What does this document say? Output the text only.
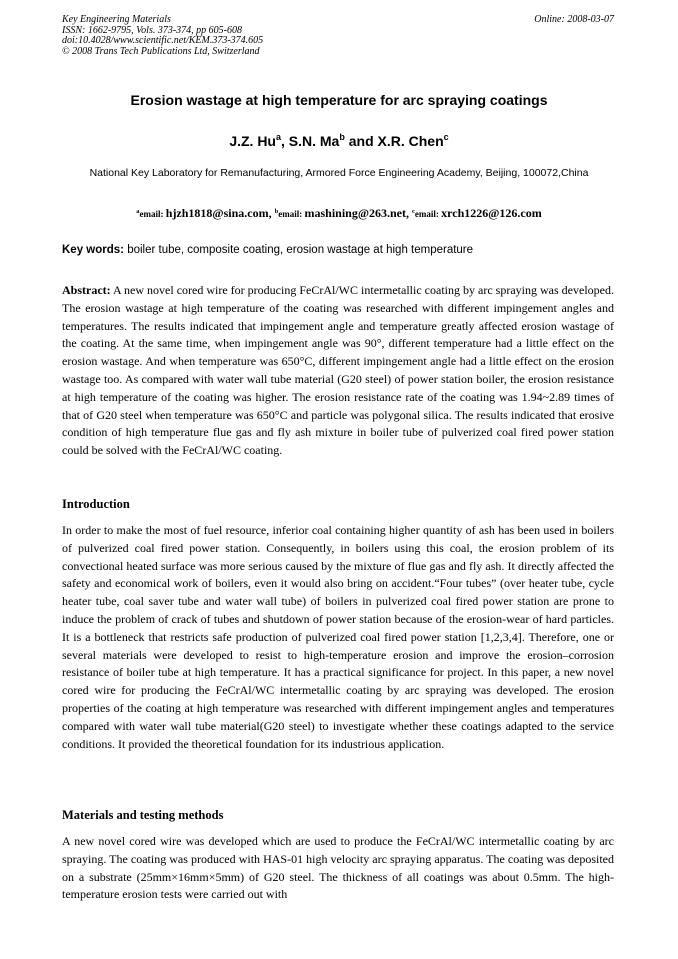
Key Engineering Materials
ISSN: 1662-9795, Vols. 373-374, pp 605-608
doi:10.4028/www.scientific.net/KEM.373-374.605
© 2008 Trans Tech Publications Ltd, Switzerland
Online: 2008-03-07
Erosion wastage at high temperature for arc spraying coatings
J.Z. Hu$^a$, S.N. Ma$^b$ and X.R. Chen$^c$
National Key Laboratory for Remanufacturing, Armored Force Engineering Academy, Beijing, 100072,China
$^a$email: hjzh1818@sina.com, $^b$email: mashining@263.net, $^c$email: xrch1226@126.com
Key words: boiler tube, composite coating, erosion wastage at high temperature
Abstract: A new novel cored wire for producing FeCrAl/WC intermetallic coating by arc spraying was developed. The erosion wastage at high temperature of the coating was researched with different impingement angles and temperatures. The results indicated that impingement angle and temperature greatly affected erosion wastage of the coating. At the same time, when impingement angle was 90°, different temperature had a little effect on the erosion wastage. And when temperature was 650°C, different impingement angle had a little effect on the erosion wastage too. As compared with water wall tube material (G20 steel) of power station boiler, the erosion resistance at high temperature of the coating was higher. The erosion resistance rate of the coating was 1.94~2.89 times of that of G20 steel when temperature was 650°C and particle was polygonal silica. The results indicated that erosive condition of high temperature flue gas and fly ash mixture in boiler tube of pulverized coal fired power station could be solved with the FeCrAl/WC coating.
Introduction
In order to make the most of fuel resource, inferior coal containing higher quantity of ash has been used in boilers of pulverized coal fired power station. Consequently, in boilers using this coal, the erosion problem of its convectional heated surface was more serious caused by the mixture of flue gas and fly ash. It directly affected the safety and economical work of boilers, even it would also bring on accident.“Four tubes” (over heater tube, cycle heater tube, coal saver tube and water wall tube) of boilers in pulverized coal fired power station are prone to induce the problem of crack of tubes and shutdown of power station because of the erosion-wear of hard particles. It is a bottleneck that restricts safe production of pulverized coal fired power station [1,2,3,4]. Therefore, one or several materials were developed to resist to high-temperature erosion and improve the erosion–corrosion resistance of boiler tube at high temperature. It has a practical significance for project. In this paper, a new novel cored wire for producing the FeCrAl/WC intermetallic coating by arc spraying was developed. The erosion properties of the coating at high temperature was researched with different impingement angles and temperatures compared with water wall tube material(G20 steel) to investigate whether these coatings adapted to the service conditions. It provided the theoretical foundation for its industrious application.
Materials and testing methods
A new novel cored wire was developed which are used to produce the FeCrAl/WC intermetallic coating by arc spraying. The coating was produced with HAS-01 high velocity arc spraying apparatus. The coating was deposited on a substrate (25mm×16mm×5mm) of G20 steel. The thickness of all coatings was about 0.5mm. The high-temperature erosion tests were carried out with
